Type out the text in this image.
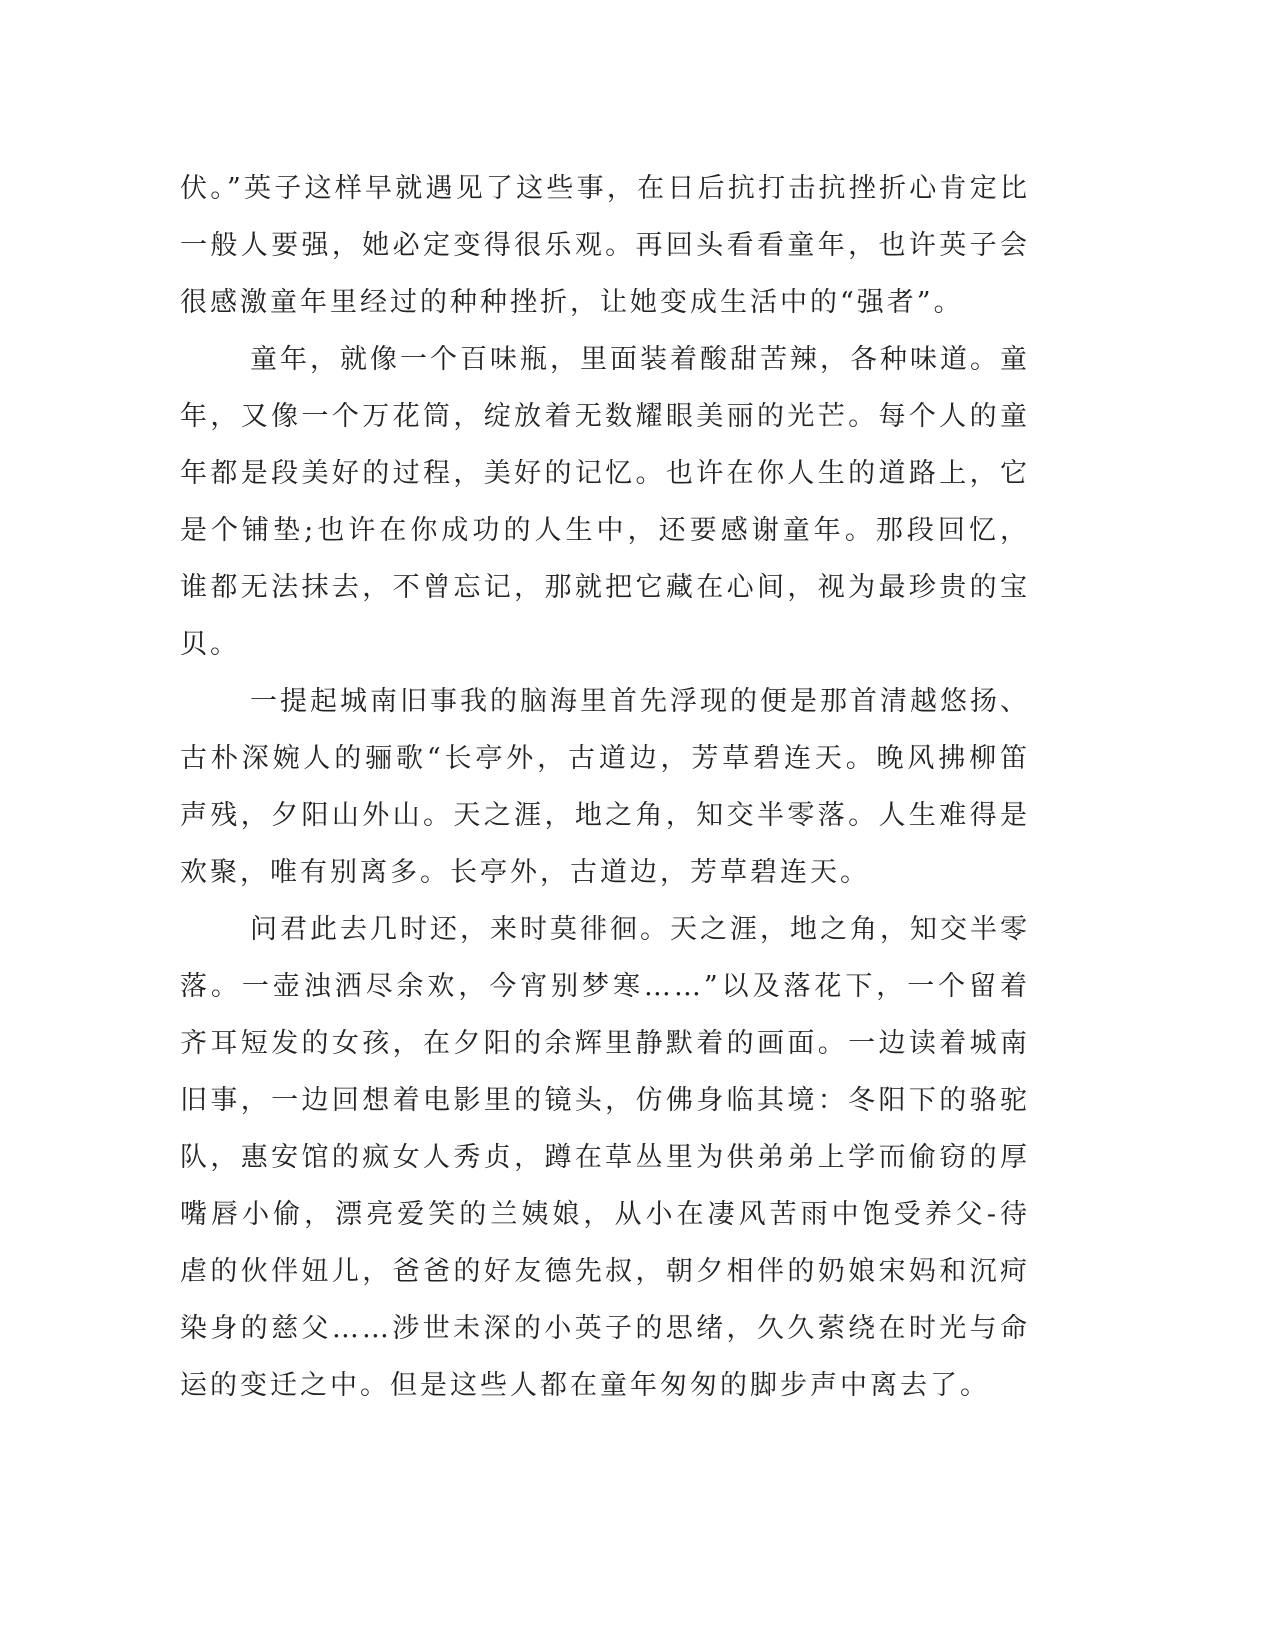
伏。”英子这样早就遇见了这些事，在日后抗打击抗挫折心肯定比一般人要强，她必定变得很乐观。再回头看看童年，也许英子会很感激童年里经过的种种挫折，让她变成生活中的“强者”。

童年，就像一个百味瓶，里面装着酸甜苦辣，各种味道。童年，又像一个万花筒，绽放着无数耀眼美丽的光芒。每个人的童年都是段美好的过程，美好的记忆。也许在你人生的道路上，它是个铺垫;也许在你成功的人生中，还要感谢童年。那段回忆，谁都无法抹去，不曾忘记，那就把它藏在心间，视为最珍贵的宝贝。

一提起城南旧事我的脑海里首先浮现的便是那首清越悠扬、古朴深婉人的骊歌“长亭外，古道边，芳草碧连天。晚风拂柳笛声残，夕阳山外山。天之涯，地之角，知交半零落。人生难得是欢聚，唯有别离多。长亭外，古道边，芳草碧连天。

问君此去几时还，来时莫徘徊。天之涯，地之角，知交半零落。一壶浊洒尽余欢，今宵别梦寒……”以及落花下，一个留着齐耳短发的女孩，在夕阳的余辉里静默着的画面。一边读着城南旧事，一边回想着电影里的镜头，仿佛身临其境：冬阳下的骆驼队，惠安馆的疯女人秀贞，蹲在草丛里为供弟弟上学而偷窃的厚嘴唇小偷，漂亮爱笑的兰姨娘，从小在凄风苦雨中饱受养父-待虐的伙伴妞儿，爸爸的好友德先叔，朝夕相伴的奶娘宋妈和沉疴染身的慈父……涉世未深的小英子的思绪，久久萦绕在时光与命运的变迁之中。但是这些人都在童年匆匆的脚步声中离去了。
